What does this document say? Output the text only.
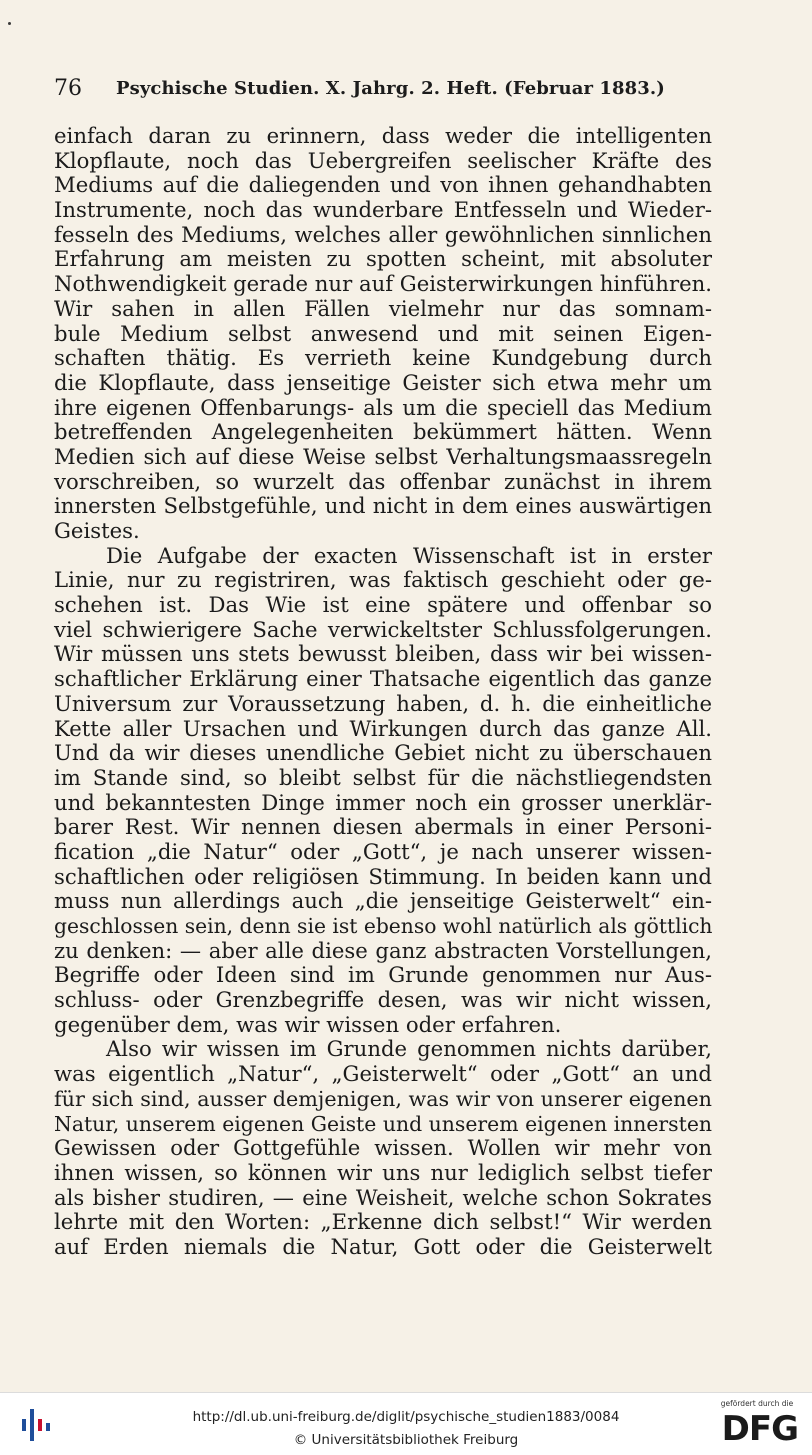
76 Psychische Studien. X. Jahrg. 2. Heft. (Februar 1883.)
einfach daran zu erinnern, dass weder die intelligenten
Klopflaute, noch das Uebergreifen seelischer Kräfte des
Mediums auf die daliegenden und von ihnen gehandhabten
Instrumente, noch das wunderbare Entfesseln und Wieder-
fesseln des Mediums, welches aller gewöhnlichen sinnlichen
Erfahrung am meisten zu spotten scheint, mit absoluter
Nothwendigkeit gerade nur auf Geisterwirkungen hinführen.
Wir sahen in allen Fällen vielmehr nur das somnam-
bule Medium selbst anwesend und mit seinen Eigen-
schaften thätig. Es verrieth keine Kundgebung durch
die Klopflaute, dass jenseitige Geister sich etwa mehr um
ihre eigenen Offenbarungs- als um die speciell das Medium
betreffenden Angelegenheiten bekümmert hätten. Wenn
Medien sich auf diese Weise selbst Verhaltungsmaassregeln
vorschreiben, so wurzelt das offenbar zunächst in ihrem
innersten Selbstgefühle, und nicht in dem eines auswärtigen
Geistes.
Die Aufgabe der exacten Wissenschaft ist in erster
Linie, nur zu registriren, was faktisch geschieht oder ge-
schehen ist. Das Wie ist eine spätere und offenbar so
viel schwierigere Sache verwickeltster Schlussfolgerungen.
Wir müssen uns stets bewusst bleiben, dass wir bei wissen-
schaftlicher Erklärung einer Thatsache eigentlich das ganze
Universum zur Voraussetzung haben, d. h. die einheitliche
Kette aller Ursachen und Wirkungen durch das ganze All.
Und da wir dieses unendliche Gebiet nicht zu überschauen
im Stande sind, so bleibt selbst für die nächstliegendsten
und bekanntesten Dinge immer noch ein grosser unerklär-
barer Rest. Wir nennen diesen abermals in einer Personi-
fication „die Natur“ oder „Gott“, je nach unserer wissen-
schaftlichen oder religiösen Stimmung. In beiden kann und
muss nun allerdings auch „die jenseitige Geisterwelt“ ein-
geschlossen sein, denn sie ist ebenso wohl natürlich als göttlich
zu denken: — aber alle diese ganz abstracten Vorstellungen,
Begriffe oder Ideen sind im Grunde genommen nur Aus-
schluss- oder Grenzbegriffe desen, was wir nicht wissen,
gegenüber dem, was wir wissen oder erfahren.
Also wir wissen im Grunde genommen nichts darüber,
was eigentlich „Natur“, „Geisterwelt“ oder „Gott“ an und
für sich sind, ausser demjenigen, was wir von unserer eigenen
Natur, unserem eigenen Geiste und unserem eigenen innersten
Gewissen oder Gottgefühle wissen. Wollen wir mehr von
ihnen wissen, so können wir uns nur lediglich selbst tiefer
als bisher studiren, — eine Weisheit, welche schon Sokrates
lehrte mit den Worten: „Erkenne dich selbst!“ Wir werden
auf Erden niemals die Natur, Gott oder die Geisterwelt
http://dl.ub.uni-freiburg.de/diglit/psychische_studien1883/0084
© Universitätsbibliothek Freiburg
gefördert durch die
DFG
